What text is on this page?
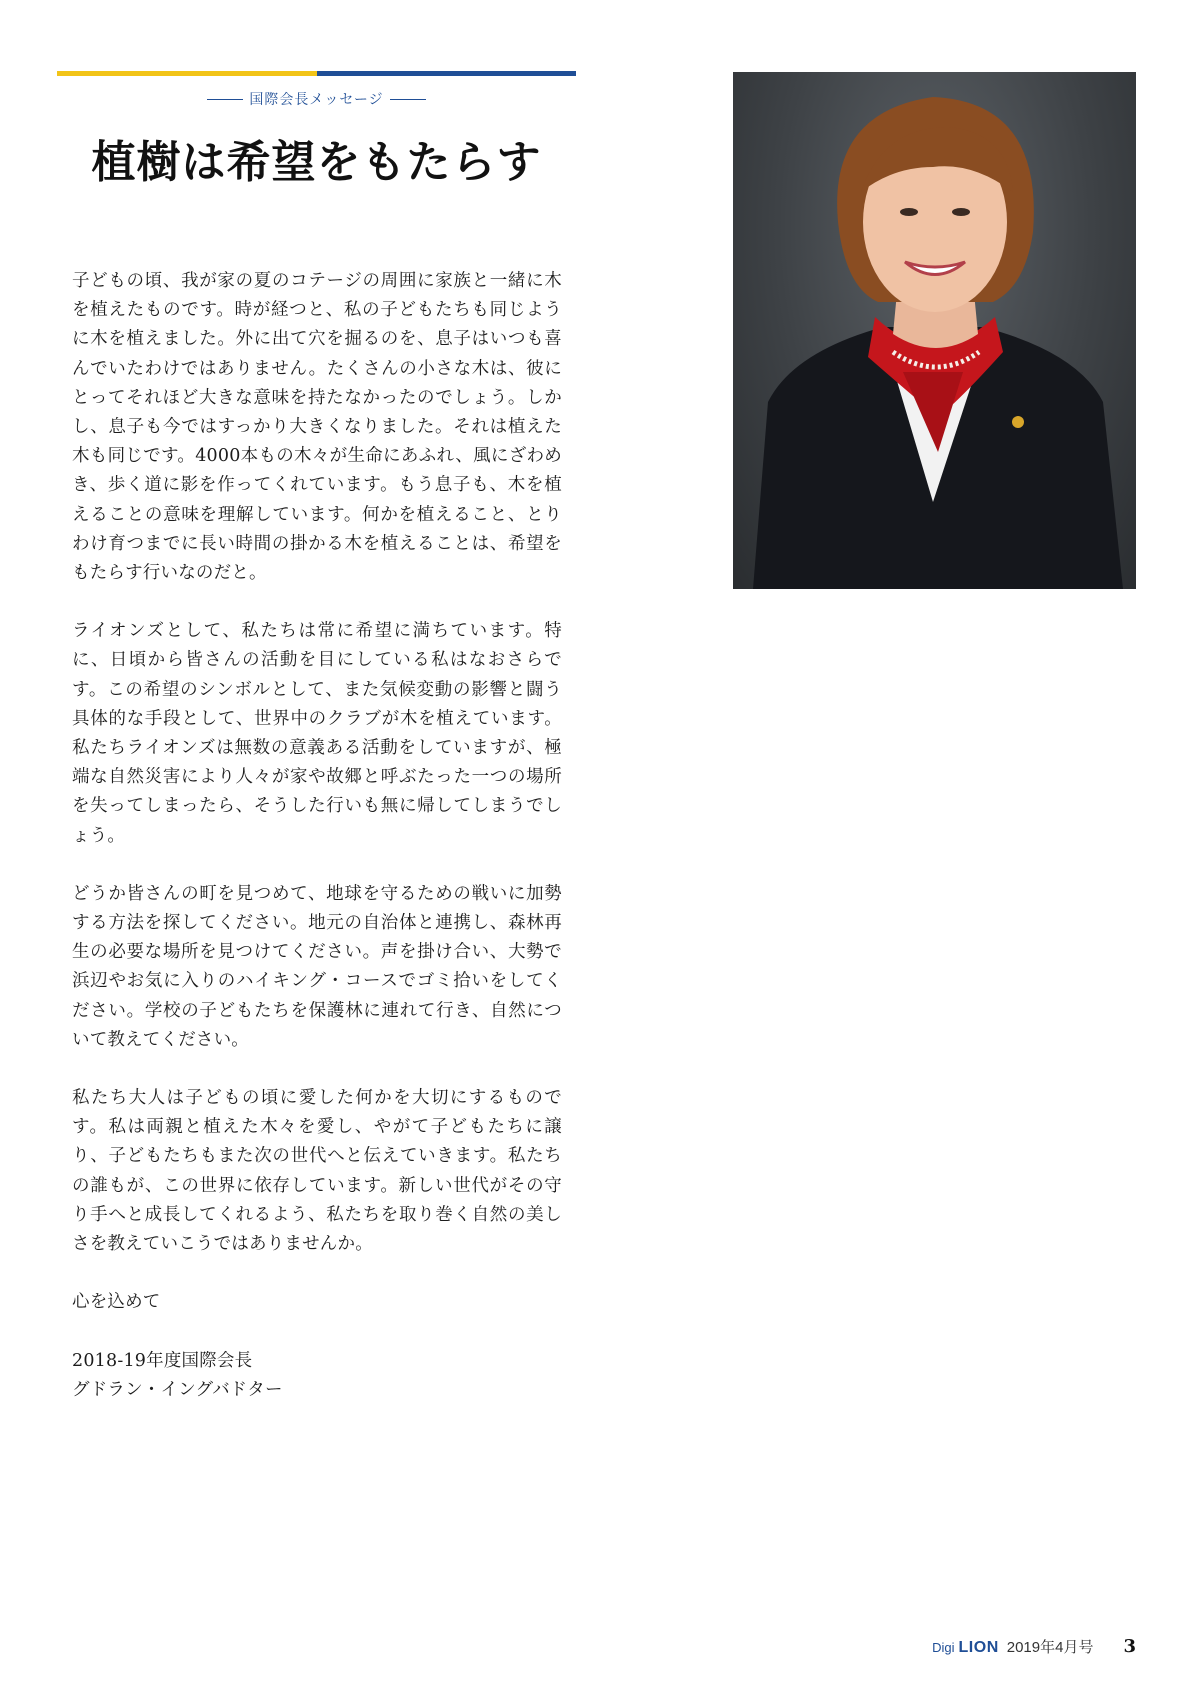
国際会長メッセージ
植樹は希望をもたらす

子どもの頃、我が家の夏のコテージの周囲に家族と一緒に木を植えたものです。時が経つと、私の子どもたちも同じように木を植えました。外に出て穴を掘るのを、息子はいつも喜んでいたわけではありません。たくさんの小さな木は、彼にとってそれほど大きな意味を持たなかったのでしょう。しかし、息子も今ではすっかり大きくなりました。それは植えた木も同じです。4000本もの木々が生命にあふれ、風にざわめき、歩く道に影を作ってくれています。もう息子も、木を植えることの意味を理解しています。何かを植えること、とりわけ育つまでに長い時間の掛かる木を植えることは、希望をもたらす行いなのだと。

ライオンズとして、私たちは常に希望に満ちています。特に、日頃から皆さんの活動を目にしている私はなおさらです。この希望のシンボルとして、また気候変動の影響と闘う具体的な手段として、世界中のクラブが木を植えています。私たちライオンズは無数の意義ある活動をしていますが、極端な自然災害により人々が家や故郷と呼ぶたった一つの場所を失ってしまったら、そうした行いも無に帰してしまうでしょう。

どうか皆さんの町を見つめて、地球を守るための戦いに加勢する方法を探してください。地元の自治体と連携し、森林再生の必要な場所を見つけてください。声を掛け合い、大勢で浜辺やお気に入りのハイキング・コースでゴミ拾いをしてください。学校の子どもたちを保護林に連れて行き、自然について教えてください。

私たち大人は子どもの頃に愛した何かを大切にするものです。私は両親と植えた木々を愛し、やがて子どもたちに譲り、子どもたちもまた次の世代へと伝えていきます。私たちの誰もが、この世界に依存しています。新しい世代がその守り手へと成長してくれるよう、私たちを取り巻く自然の美しさを教えていこうではありませんか。

心を込めて

2018-19年度国際会長
グドラン・イングバドター

Digi LION 2019年4月号 3
